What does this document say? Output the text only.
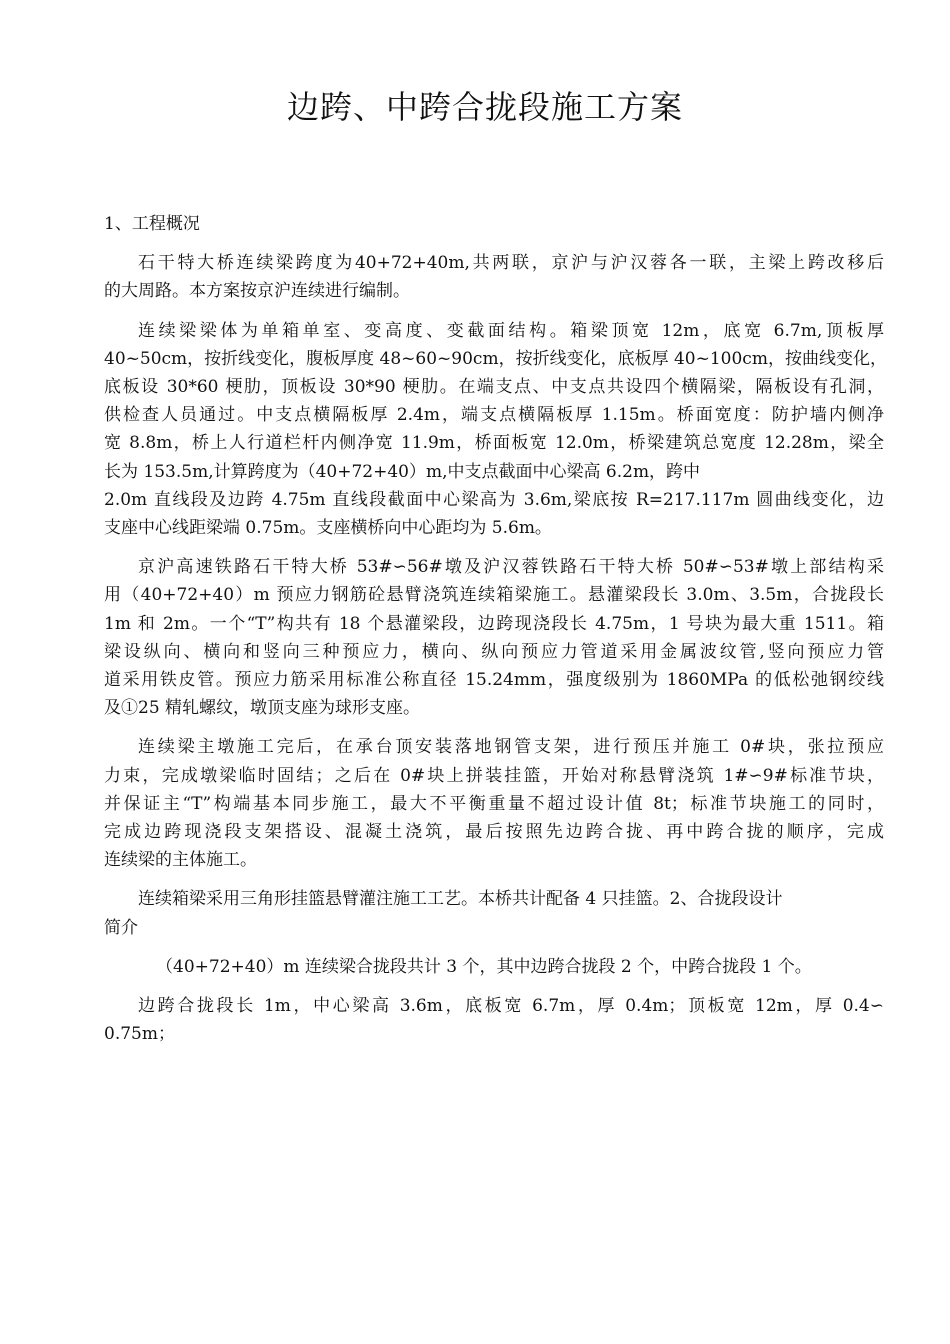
边跨、中跨合拢段施工方案
1、工程概况
石干特大桥连续梁跨度为40+72+40m,共两联，京沪与沪汉蓉各一联，主梁上跨改移后
的大周路。本方案按京沪连续进行编制。
连续梁梁体为单箱单室、变高度、变截面结构。箱梁顶宽 12m，底宽 6.7m,顶板厚
40~50cm，按折线变化，腹板厚度 48~60~90cm，按折线变化，底板厚 40~100cm，按曲线变化，
底板设 30*60 梗肋，顶板设 30*90 梗肋。在端支点、中支点共设四个横隔梁，隔板设有孔洞，
供检查人员通过。中支点横隔板厚 2.4m，端支点横隔板厚 1.15m。桥面宽度：防护墙内侧净
宽 8.8m，桥上人行道栏杆内侧净宽 11.9m，桥面板宽 12.0m，桥梁建筑总宽度 12.28m，梁全
长为 153.5m,计算跨度为（40+72+40）m,中支点截面中心梁高 6.2m，跨中
2.0m 直线段及边跨 4.75m 直线段截面中心梁高为 3.6m,梁底按 R=217.117m 圆曲线变化，边
支座中心线距梁端 0.75m。支座横桥向中心距均为 5.6m。
京沪高速铁路石干特大桥 53#∽56#墩及沪汉蓉铁路石干特大桥 50#∽53#墩上部结构采
用（40+72+40）m 预应力钢筋砼悬臂浇筑连续箱梁施工。悬灌梁段长 3.0m、3.5m，合拢段长
1m 和 2m。一个“T”构共有 18 个悬灌梁段，边跨现浇段长 4.75m，1 号块为最大重 1511。箱
梁设纵向、横向和竖向三种预应力，横向、纵向预应力管道采用金属波纹管,竖向预应力管
道采用铁皮管。预应力筋采用标准公称直径 15.24mm，强度级别为 1860MPa 的低松弛钢绞线
及①25 精轧螺纹，墩顶支座为球形支座。
连续梁主墩施工完后，在承台顶安装落地钢管支架，进行预压并施工 0#块，张拉预应
力束，完成墩梁临时固结；之后在 0#块上拼装挂篮，开始对称悬臂浇筑 1#∽9#标准节块，
并保证主“T”构端基本同步施工，最大不平衡重量不超过设计值 8t；标准节块施工的同时，
完成边跨现浇段支架搭设、混凝土浇筑，最后按照先边跨合拢、再中跨合拢的顺序，完成
连续梁的主体施工。
连续箱梁采用三角形挂篮悬臂灌注施工工艺。本桥共计配备 4 只挂篮。2、合拢段设计
简介
（40+72+40）m 连续梁合拢段共计 3 个，其中边跨合拢段 2 个，中跨合拢段 1 个。
边跨合拢段长 1m，中心梁高 3.6m，底板宽 6.7m，厚 0.4m；顶板宽 12m，厚 0.4∽
0.75m；
